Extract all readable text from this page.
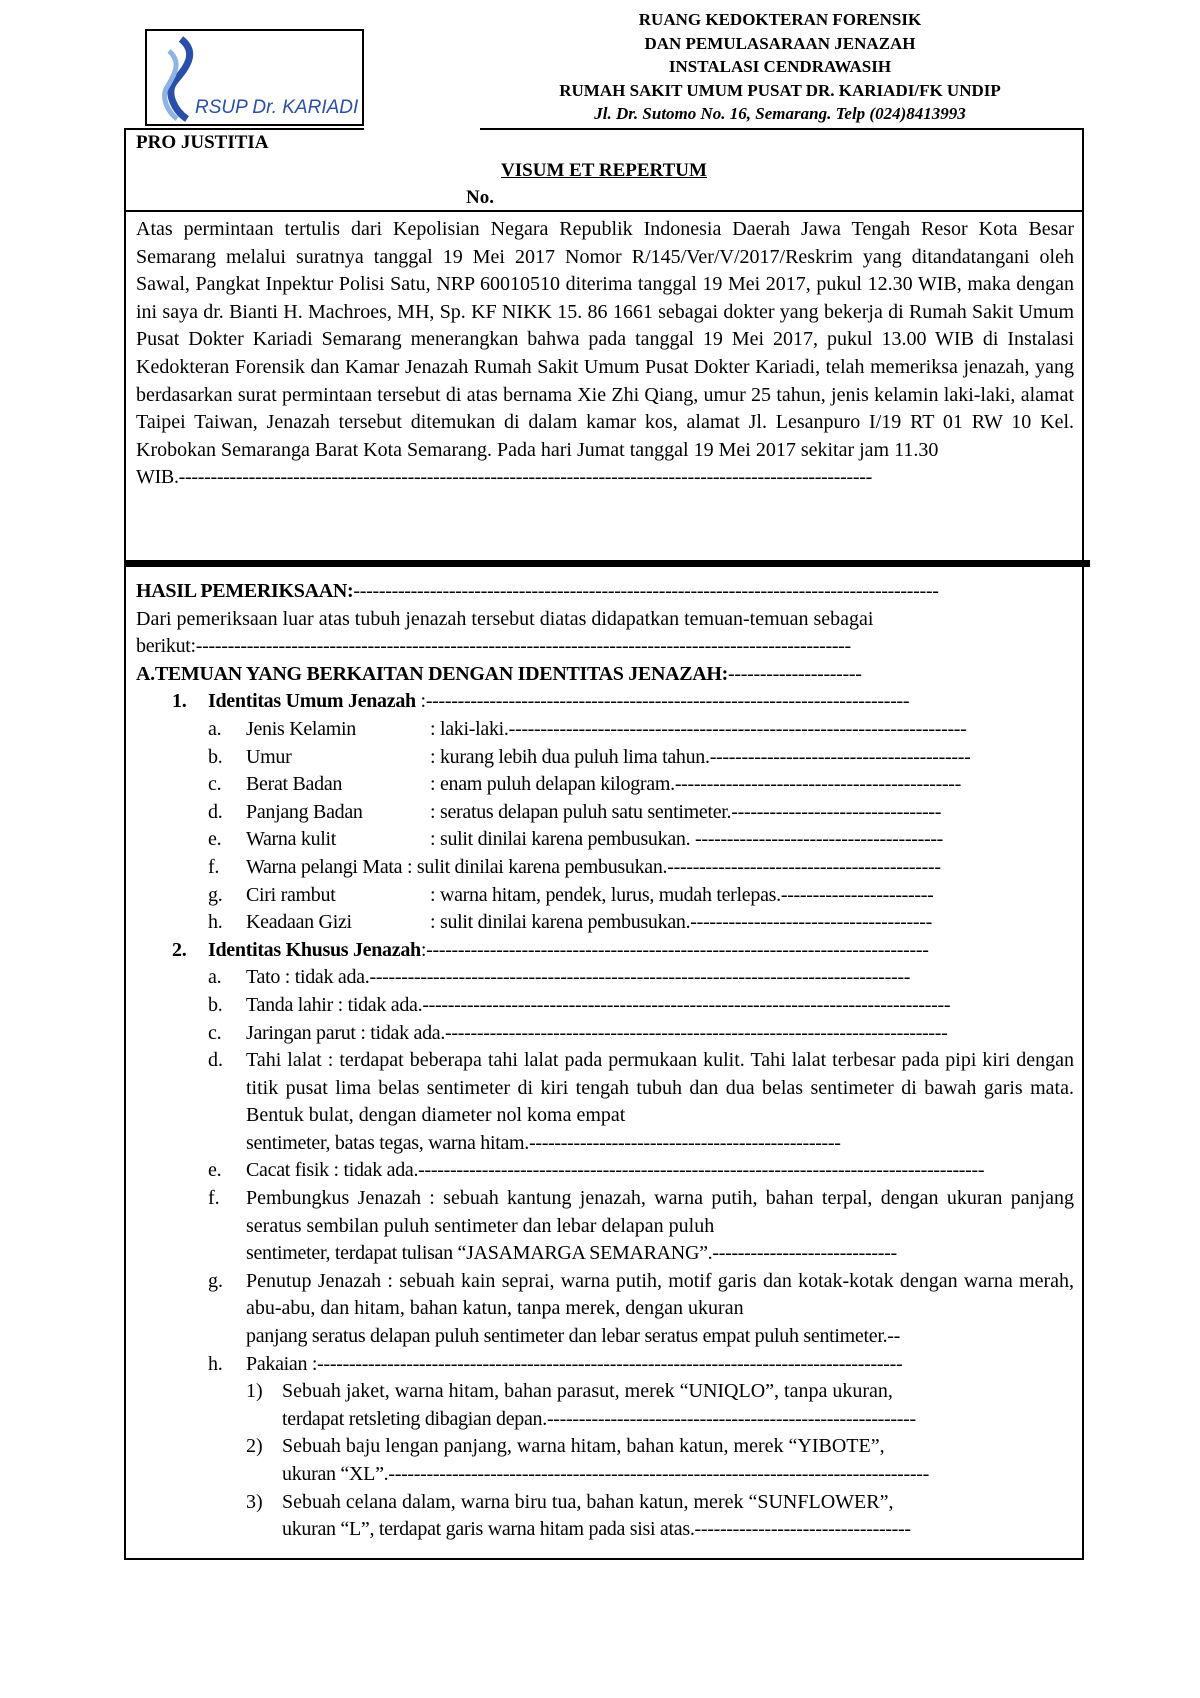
RSUP Dr. KARIADI
RUANG KEDOKTERAN FORENSIK
DAN PEMULASARAAN JENAZAH
INSTALASI CENDRAWASIH
RUMAH SAKIT UMUM PUSAT DR. KARIADI/FK UNDIP
Jl. Dr. Sutomo No. 16, Semarang. Telp (024)8413993
PRO JUSTITIA
VISUM ET REPERTUM
No.

Atas permintaan tertulis dari Kepolisian Negara Republik Indonesia Daerah Jawa Tengah Resor Kota Besar Semarang melalui suratnya tanggal 19 Mei 2017 Nomor R/145/Ver/V/2017/Reskrim yang ditandatangani oleh Sawal, Pangkat Inpektur Polisi Satu, NRP 60010510 diterima tanggal 19 Mei 2017, pukul 12.30 WIB, maka dengan ini saya dr. Bianti H. Machroes, MH, Sp. KF NIKK 15. 86 1661 sebagai dokter yang bekerja di Rumah Sakit Umum Pusat Dokter Kariadi Semarang menerangkan bahwa pada tanggal 19 Mei 2017, pukul 13.00 WIB di Instalasi Kedokteran Forensik dan Kamar Jenazah Rumah Sakit Umum Pusat Dokter Kariadi, telah memeriksa jenazah, yang berdasarkan surat permintaan tersebut di atas bernama Xie Zhi Qiang, umur 25 tahun, jenis kelamin laki-laki, alamat Taipei Taiwan, Jenazah tersebut ditemukan di dalam kamar kos, alamat Jl. Lesanpuro I/19 RT 01 RW 10 Kel. Krobokan Semaranga Barat Kota Semarang. Pada hari Jumat tanggal 19 Mei 2017 sekitar jam 11.30

WIB.-------------------------------------------------------------------------------------------------------------

HASIL PEMERIKSAAN:--------------------------------------------------------------------------------------------

Dari pemeriksaan luar atas tubuh jenazah tersebut diatas didapatkan temuan-temuan sebagai

berikut:-------------------------------------------------------------------------------------------------------

A.TEMUAN YANG BERKAITAN DENGAN IDENTITAS JENAZAH:---------------------
1. Identitas Umum Jenazah :----------------------------------------------------------------------------
a. Jenis Kelamin	: laki-laki.------------------------------------------------------------------------
b. Umur	: kurang lebih dua puluh lima tahun.-----------------------------------------
c. Berat Badan	: enam puluh delapan kilogram.---------------------------------------------
d. Panjang Badan	: seratus delapan puluh satu sentimeter.---------------------------------
e. Warna kulit	: sulit dinilai karena pembusukan. ---------------------------------------
f. Warna pelangi Mata : sulit dinilai karena pembusukan.-------------------------------------------
g. Ciri rambut	: warna hitam, pendek, lurus, mudah terlepas.------------------------
h. Keadaan Gizi	: sulit dinilai karena pembusukan.--------------------------------------
2. Identitas Khusus Jenazah:-------------------------------------------------------------------------------
a. Tato : tidak ada.-------------------------------------------------------------------------------------
b. Tanda lahir : tidak ada.-----------------------------------------------------------------------------------
c. Jaringan parut : tidak ada.-------------------------------------------------------------------------------
d. Tahi lalat : terdapat beberapa tahi lalat pada permukaan kulit. Tahi lalat terbesar pada pipi kiri dengan titik pusat lima belas sentimeter di kiri tengah tubuh dan dua belas sentimeter di bawah garis mata. Bentuk bulat, dengan diameter nol koma empat

sentimeter, batas tegas, warna hitam.-------------------------------------------------

e. Cacat fisik : tidak ada.-----------------------------------------------------------------------------------------
f. Pembungkus Jenazah : sebuah kantung jenazah, warna putih, bahan terpal, dengan ukuran panjang seratus sembilan puluh sentimeter dan lebar delapan puluh

sentimeter, terdapat tulisan “JASAMARGA SEMARANG”.-----------------------------

g. Penutup Jenazah : sebuah kain seprai, warna putih, motif garis dan kotak-kotak dengan warna merah, abu-abu, dan hitam, bahan katun, tanpa merek, dengan ukuran

panjang seratus delapan puluh sentimeter dan lebar seratus empat puluh sentimeter.--

h. Pakaian :--------------------------------------------------------------------------------------------
1) Sebuah jaket, warna hitam, bahan parasut, merek “UNIQLO”, tanpa ukuran,

terdapat retsleting dibagian depan.----------------------------------------------------------

2) Sebuah baju lengan panjang, warna hitam, bahan katun, merek “YIBOTE”,

ukuran “XL”.-------------------------------------------------------------------------------------

3) Sebuah celana dalam, warna biru tua, bahan katun, merek “SUNFLOWER”,

ukuran “L”, terdapat garis warna hitam pada sisi atas.----------------------------------
